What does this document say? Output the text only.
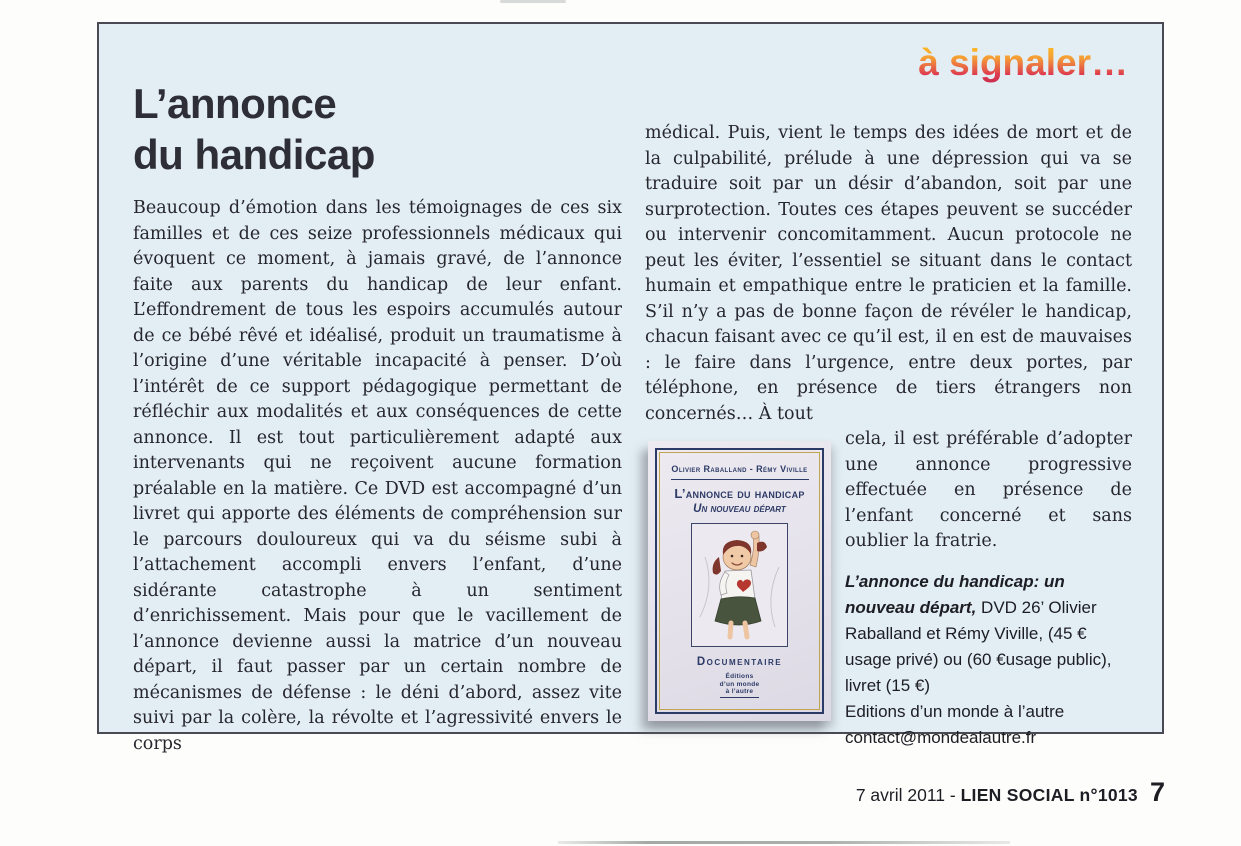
à signaler…
L’annonce
du handicap

Beaucoup d’émotion dans les témoignages de ces six familles et de ces seize professionnels médicaux qui évoquent ce moment, à jamais gravé, de l’annonce faite aux parents du handicap de leur enfant. L’effondrement de tous les espoirs accumulés autour de ce bébé rêvé et idéalisé, produit un traumatisme à l’origine d’une véritable incapacité à penser. D’où l’intérêt de ce support pédagogique permettant de réfléchir aux modalités et aux conséquences de cette annonce. Il est tout particulièrement adapté aux intervenants qui ne reçoivent aucune formation préalable en la matière. Ce DVD est accompagné d’un livret qui apporte des éléments de compréhension sur le parcours douloureux qui va du séisme subi à l’attachement accompli envers l’enfant, d’une sidérante catastrophe à un sentiment d’enrichissement. Mais pour que le vacillement de l’annonce devienne aussi la matrice d’un nouveau départ, il faut passer par un certain nombre de mécanismes de défense : le déni d’abord, assez vite suivi par la colère, la révolte et l’agressivité envers le corps

médical. Puis, vient le temps des idées de mort et de la culpabilité, prélude à une dépression qui va se traduire soit par un désir d’abandon, soit par une surprotection. Toutes ces étapes peuvent se succéder ou intervenir concomitamment. Aucun protocole ne peut les éviter, l’essentiel se situant dans le contact humain et empathique entre le praticien et la famille. S’il n’y a pas de bonne façon de révéler le handicap, chacun faisant avec ce qu’il est, il en est de mauvaises : le faire dans l’urgence, entre deux portes, par téléphone, en présence de tiers étrangers non concernés… À tout

Olivier Raballand - Rémy Viville
L’annonce du handicap
Un nouveau départ
Documentaire
Éditions
d’un monde
à l’autre

cela, il est préférable d’adopter une annonce progressive effectuée en présence de l’enfant concerné et sans oublier la fratrie.

L’annonce du handicap: un nouveau départ, DVD 26’ Olivier Raballand et Rémy Viville, (45 € usage privé) ou (60 €usage public), livret (15 €)
Editions d’un monde à l’autre
contact@mondealautre.fr
7 avril 2011 - LIEN SOCIAL n°1013 7
